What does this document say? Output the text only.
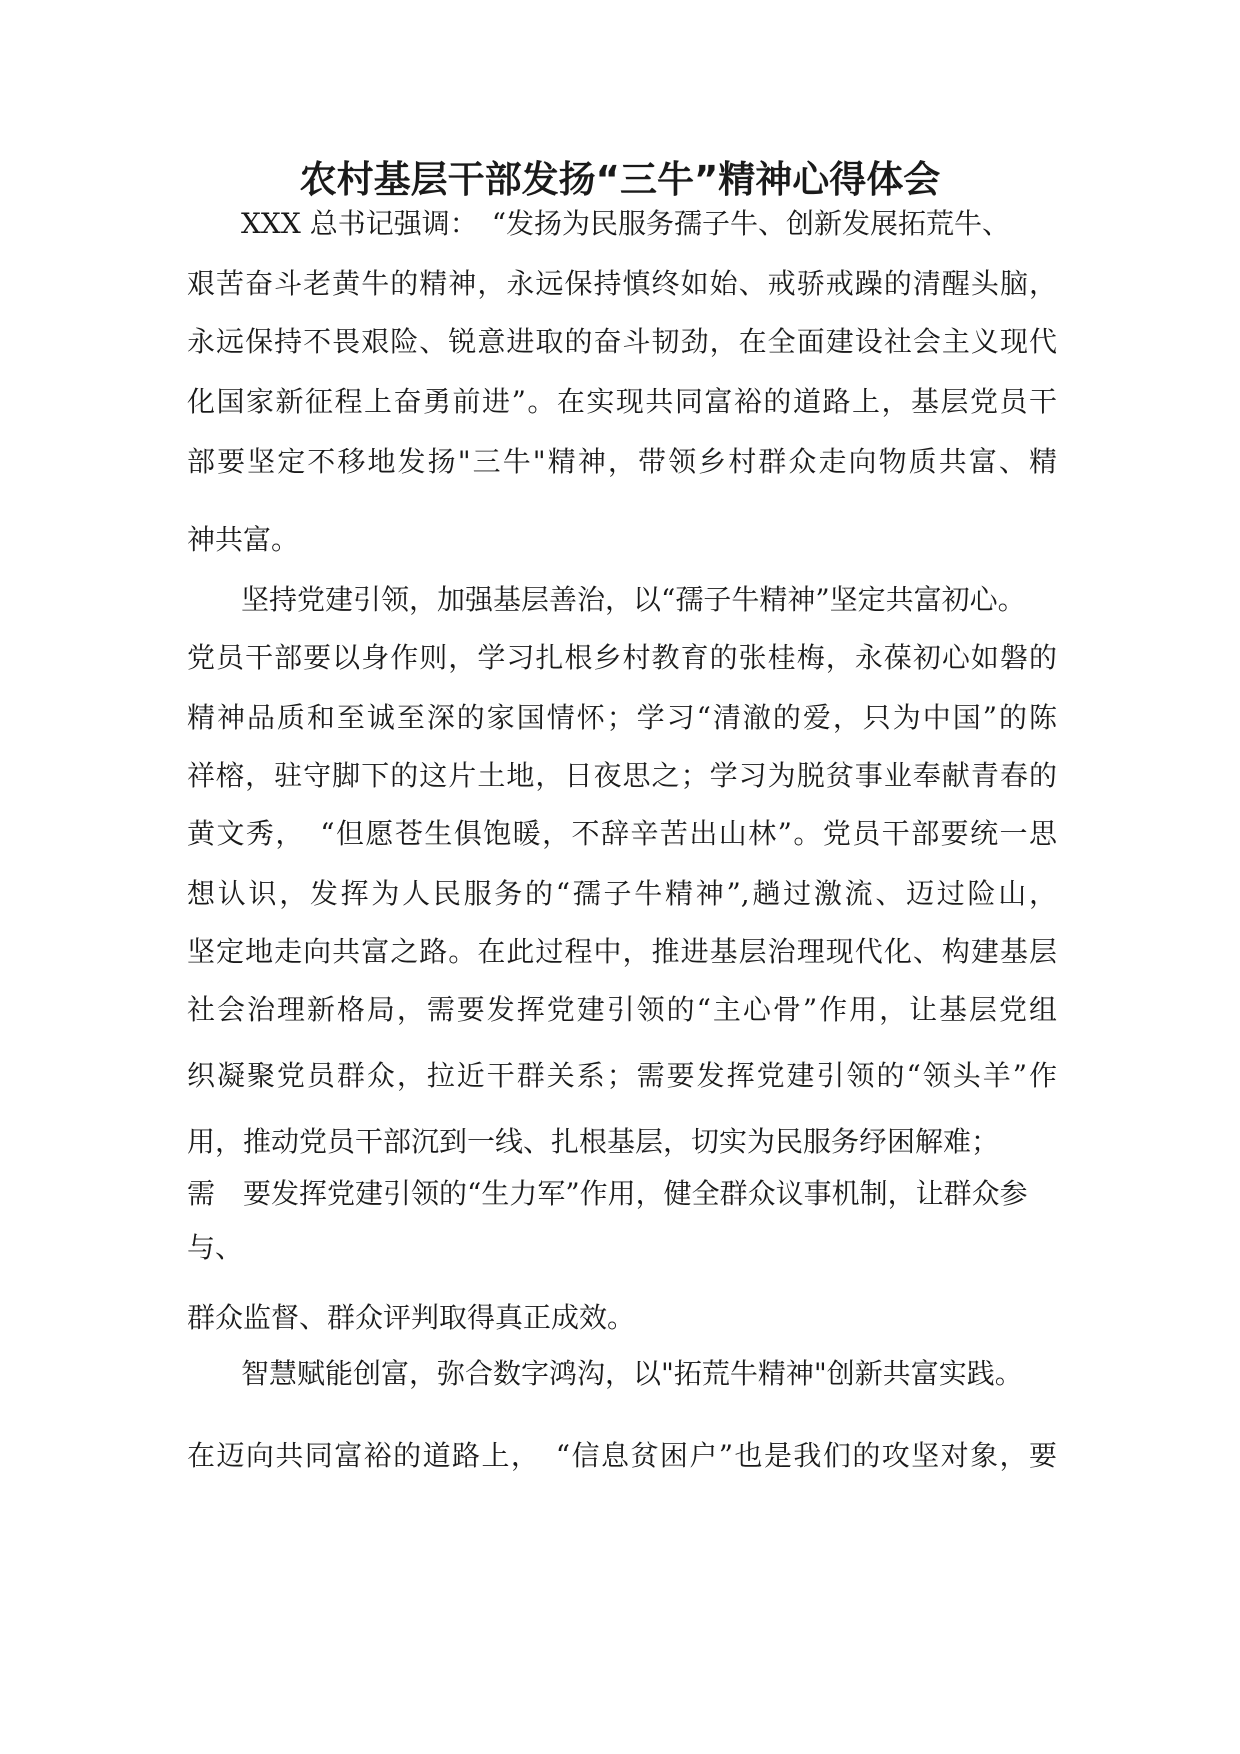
农村基层干部发扬“三牛”精神心得体会
　XXX 总书记强调：　“发扬为民服务孺子牛、创新发展拓荒牛、
艰苦奋斗老黄牛的精神，永远保持慎终如始、戒骄戒躁的清醒头脑，
永远保持不畏艰险、锐意进取的奋斗韧劲，在全面建设社会主义现代
化国家新征程上奋勇前进”。在实现共同富裕的道路上，基层党员干
部要坚定不移地发扬"三牛"精神，带领乡村群众走向物质共富、精
神共富。
　坚持党建引领，加强基层善治，以“孺子牛精神”坚定共富初心。
党员干部要以身作则，学习扎根乡村教育的张桂梅，永葆初心如磐的
精神品质和至诚至深的家国情怀；学习“清澈的爱，只为中国”的陈
祥榕，驻守脚下的这片土地，日夜思之；学习为脱贫事业奉献青春的
黄文秀，　“但愿苍生俱饱暖，不辞辛苦出山林”。党员干部要统一思
想认识，发挥为人民服务的“孺子牛精神”,趟过激流、迈过险山，
坚定地走向共富之路。在此过程中，推进基层治理现代化、构建基层
社会治理新格局，需要发挥党建引领的“主心骨”作用，让基层党组
织凝聚党员群众，拉近干群关系；需要发挥党建引领的“领头羊”作
用，推动党员干部沉到一线、扎根基层，切实为民服务纾困解难；
需　要发挥党建引领的“生力军”作用，健全群众议事机制，让群众参
与、
群众监督、群众评判取得真正成效。
　智慧赋能创富，弥合数字鸿沟，以"拓荒牛精神"创新共富实践。
在迈向共同富裕的道路上，　“信息贫困户”也是我们的攻坚对象，要
